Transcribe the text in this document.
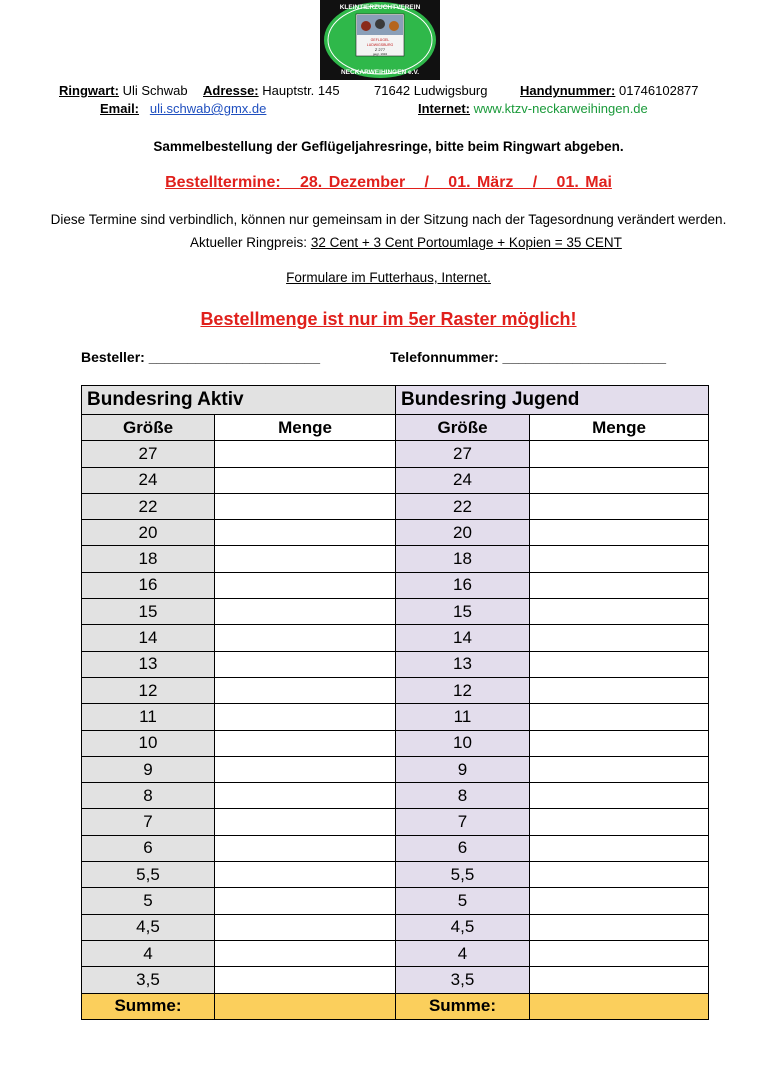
KLEINTIERZUCHTVEREIN
GEFLÜGEL
LUDWIGSBURG
Z 277
gegr. 1934
NECKARWEIHINGEN e.V.
Ringwart: Uli Schwab Adresse: Hauptstr. 145	71642 Ludwigsburg	Handynummer: 01746102877
Email: uli.schwab@gmx.de	Internet: www.ktzv-neckarweihingen.de
Sammelbestellung der Geflügeljahresringe, bitte beim Ringwart abgeben.
Bestelltermine:   28. Dezember   /   01. März   /   01. Mai
Diese Termine sind verbindlich, können nur gemeinsam in der Sitzung nach der Tagesordnung verändert werden.
Aktueller Ringpreis: 32 Cent + 3 Cent Portoumlage + Kopien = 35 CENT
Formulare im Futterhaus, Internet.
Bestellmenge ist nur im 5er Raster möglich!
Besteller: ______________________	Telefonnummer: _____________________
Bundesring Aktiv		Bundesring Jugend	
Größe	Menge	Größe	Menge
27		27	
24		24	
22		22	
20		20	
18		18	
16		16	
15		15	
14		14	
13		13	
12		12	
11		11	
10		10	
9		9	
8		8	
7		7	
6		6	
5,5		5,5	
5		5	
4,5		4,5	
4		4	
3,5		3,5	
Summe:		Summe:	
